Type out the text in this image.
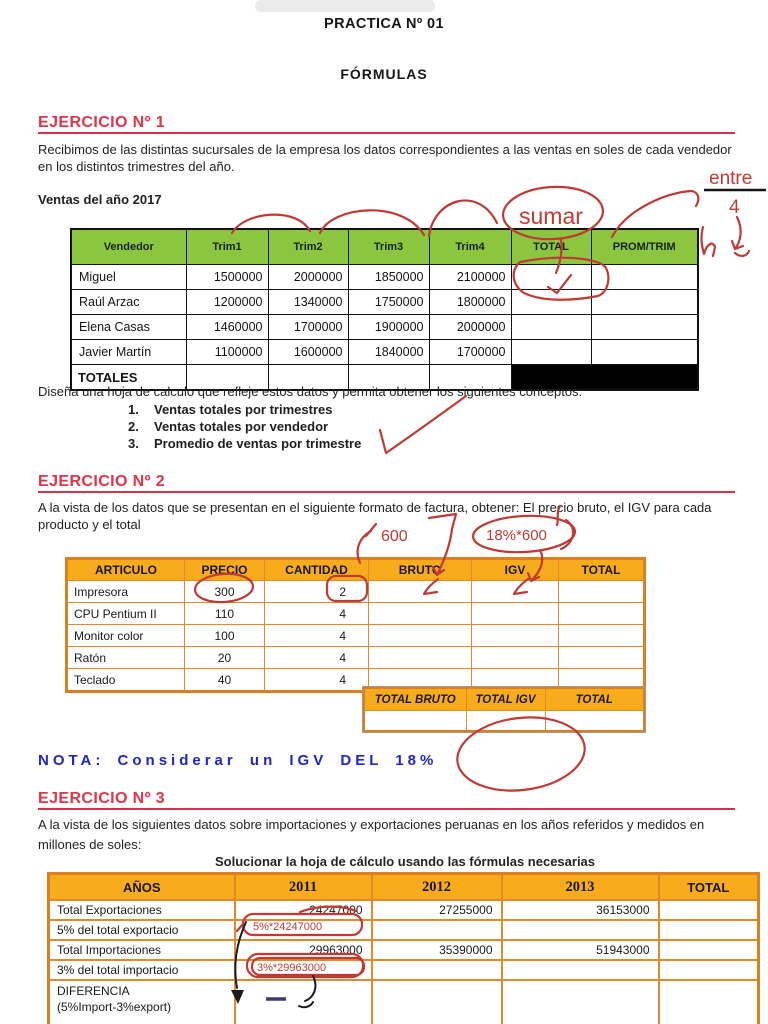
PRACTICA Nº 01
FÓRMULAS
EJERCICIO Nº 1
Recibimos de las distintas sucursales de la empresa los datos correspondientes a las ventas en soles de cada vendedor en los distintos trimestres del año.
Ventas del año 2017
Vendedor	Trim1	Trim2	Trim3	Trim4	TOTAL	PROM/TRIM
Miguel	1500000	2000000	1850000	2100000		
Raúl Arzac	1200000	1340000	1750000	1800000		
Elena Casas	1460000	1700000	1900000	2000000		
Javier Martín	1100000	1600000	1840000	1700000		
TOTALES						
Diseña una hoja de calculo que refleje estos datos y permita obtener los siguientes conceptos:
1. Ventas totales por trimestres
2. Ventas totales por vendedor
3. Promedio de ventas por trimestre
EJERCICIO Nº 2
A la vista de los datos que se presentan en el siguiente formato de factura, obtener: El precio bruto, el IGV para cada producto y el total
ARTICULO	PRECIO	CANTIDAD	BRUTO	IGV	TOTAL
Impresora	300	2			
CPU Pentium II	110	4			
Monitor color	100	4			
Ratón	20	4			
Teclado	40	4			
TOTAL BRUTO	TOTAL IGV	TOTAL

NOTA: Considerar un IGV DEL 18%
EJERCICIO Nº 3
A la vista de los siguientes datos sobre importaciones y exportaciones peruanas en los años referidos y medidos en millones de soles:
Solucionar la hoja de cálculo usando las fórmulas necesarias
AÑOS	2011	2012	2013	TOTAL
Total Exportaciones	24247000	27255000	36153000	
5% del total exportacio				
Total Importaciones	29963000	35390000	51943000	
3% del total importacio				
DIFERENCIA
(5%Import-3%export)				
sumar
entre
4
600	18%*600
5%*24247000
3%*29963000
